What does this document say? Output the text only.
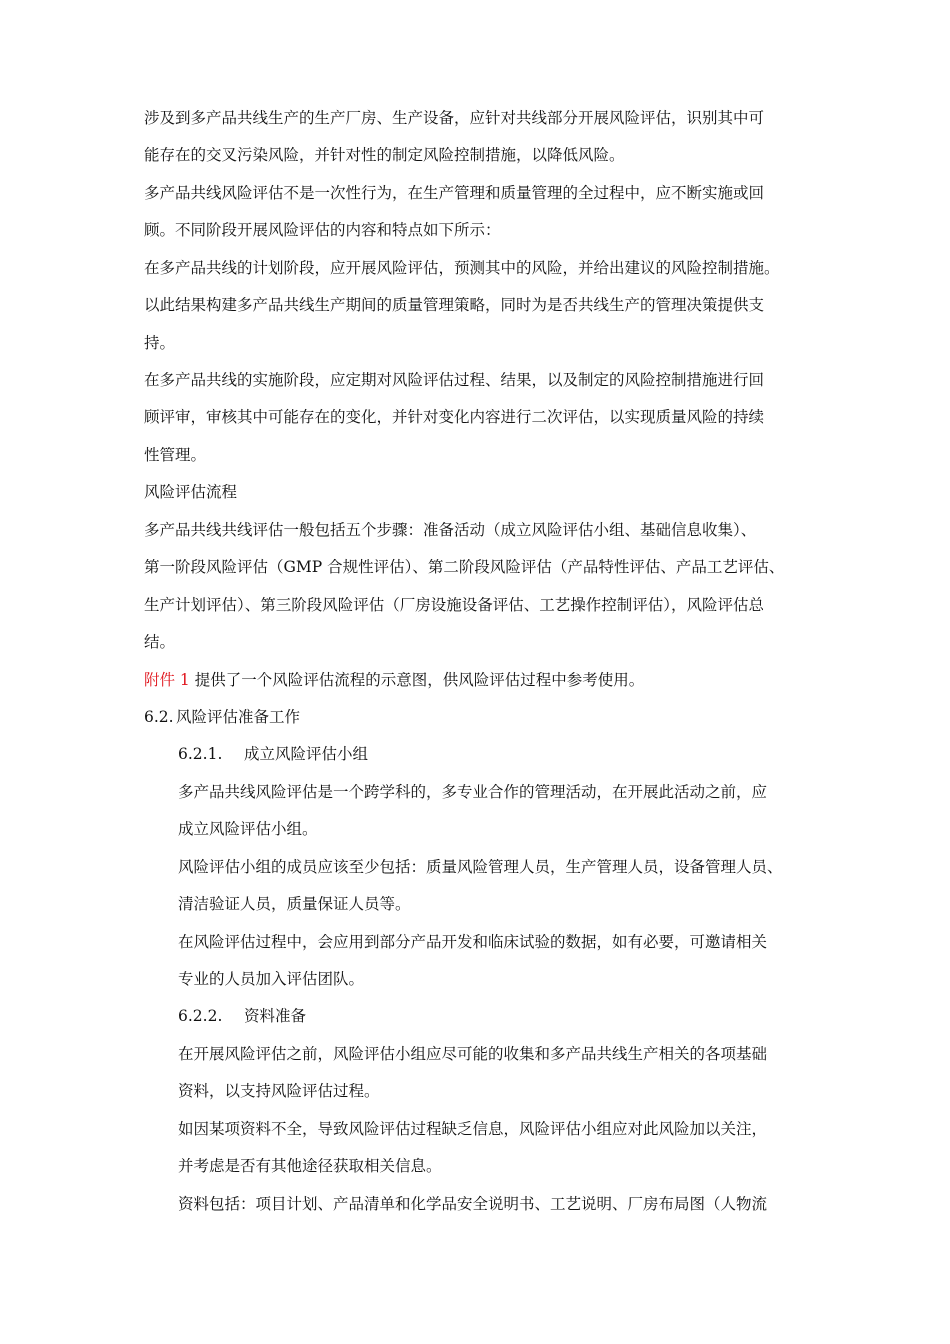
涉及到多产品共线生产的生产厂房、生产设备，应针对共线部分开展风险评估，识别其中可
能存在的交叉污染风险，并针对性的制定风险控制措施，以降低风险。
多产品共线风险评估不是一次性行为，在生产管理和质量管理的全过程中，应不断实施或回
顾。不同阶段开展风险评估的内容和特点如下所示：
在多产品共线的计划阶段，应开展风险评估，预测其中的风险，并给出建议的风险控制措施。
以此结果构建多产品共线生产期间的质量管理策略，同时为是否共线生产的管理决策提供支
持。
在多产品共线的实施阶段，应定期对风险评估过程、结果，以及制定的风险控制措施进行回
顾评审，审核其中可能存在的变化，并针对变化内容进行二次评估，以实现质量风险的持续
性管理。
风险评估流程
多产品共线共线评估一般包括五个步骤：准备活动（成立风险评估小组、基础信息收集）、
第一阶段风险评估（GMP 合规性评估）、第二阶段风险评估（产品特性评估、产品工艺评估、
生产计划评估）、第三阶段风险评估（厂房设施设备评估、工艺操作控制评估），风险评估总
结。
附件 1 提供了一个风险评估流程的示意图，供风险评估过程中参考使用。
6.2. 风险评估准备工作
6.2.1. 成立风险评估小组
多产品共线风险评估是一个跨学科的，多专业合作的管理活动，在开展此活动之前，应
成立风险评估小组。
风险评估小组的成员应该至少包括：质量风险管理人员，生产管理人员，设备管理人员、
清洁验证人员，质量保证人员等。
在风险评估过程中，会应用到部分产品开发和临床试验的数据，如有必要，可邀请相关
专业的人员加入评估团队。
6.2.2. 资料准备
在开展风险评估之前，风险评估小组应尽可能的收集和多产品共线生产相关的各项基础
资料，以支持风险评估过程。
如因某项资料不全，导致风险评估过程缺乏信息，风险评估小组应对此风险加以关注，
并考虑是否有其他途径获取相关信息。
资料包括：项目计划、产品清单和化学品安全说明书、工艺说明、厂房布局图（人物流
